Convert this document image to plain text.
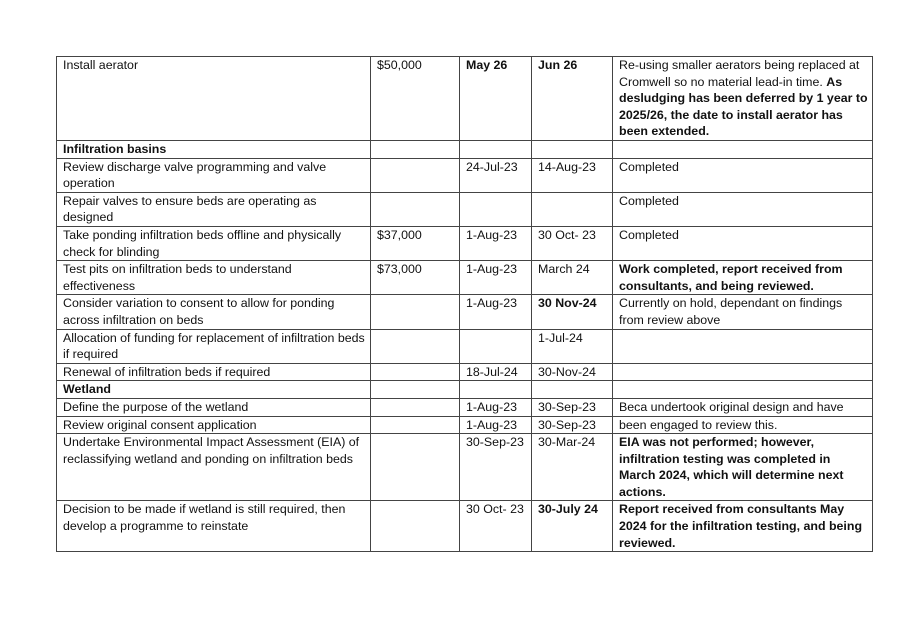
Install aerator	$50,000	May 26	Jun 26	Re-using smaller aerators being replaced at Cromwell so no material lead-in time. As desludging has been deferred by 1 year to 2025/26, the date to install aerator has been extended.
Infiltration basins				
Review discharge valve programming and valve operation		24-Jul-23	14-Aug-23	Completed
Repair valves to ensure beds are operating as designed				Completed
Take ponding infiltration beds offline and physically check for blinding	$37,000	1-Aug-23	30 Oct- 23	Completed
Test pits on infiltration beds to understand effectiveness	$73,000	1-Aug-23	March 24	Work completed, report received from consultants, and being reviewed.
Consider variation to consent to allow for ponding across infiltration on beds		1-Aug-23	30 Nov-24	Currently on hold, dependant on findings from review above
Allocation of funding for replacement of infiltration beds if required			1-Jul-24	
Renewal of infiltration beds if required		18-Jul-24	30-Nov-24	
Wetland				
Define the purpose of the wetland		1-Aug-23	30-Sep-23	Beca undertook original design and have
Review original consent application		1-Aug-23	30-Sep-23	been engaged to review this.
Undertake Environmental Impact Assessment (EIA) of reclassifying wetland and ponding on infiltration beds		30-Sep-23	30-Mar-24	EIA was not performed; however, infiltration testing was completed in March 2024, which will determine next actions.
Decision to be made if wetland is still required, then develop a programme to reinstate		30 Oct- 23	30-July 24	Report received from consultants May 2024 for the infiltration testing, and being reviewed.
